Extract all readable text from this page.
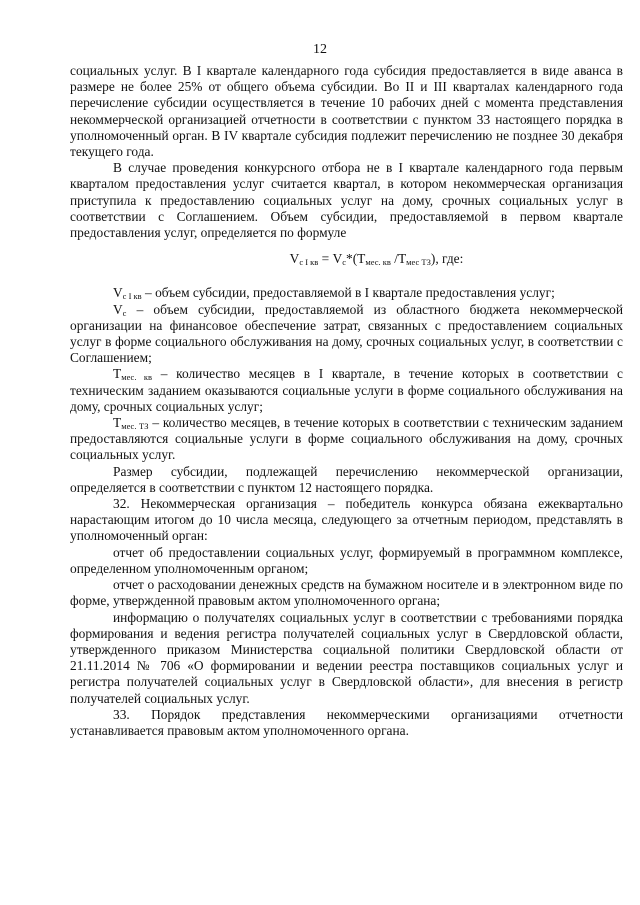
12

социальных услуг. В I квартале календарного года субсидия предоставляется в виде аванса в размере не более 25% от общего объема субсидии. Во II и III кварталах календарного года перечисление субсидии осуществляется в течение 10 рабочих дней с момента представления некоммерческой организацией отчетности в соответствии с пунктом 33 настоящего порядка в уполномоченный орган. В IV квартале субсидия подлежит перечислению не позднее 30 декабря текущего года.

В случае проведения конкурсного отбора не в I квартале календарного года первым кварталом предоставления услуг считается квартал, в котором некоммерческая организация приступила к предоставлению социальных услуг на дому, срочных социальных услуг в соответствии с Соглашением. Объем субсидии, предоставляемой в первом квартале предоставления услуг, определяется по формуле

$V_{с I кв} = V_с*(T_{мес. кв}$ $/T_{мес ТЗ}$), где:

$V_{с I кв}$ – объем субсидии, предоставляемой в I квартале предоставления услуг;

$V_с$ – объем субсидии, предоставляемой из областного бюджета некоммерческой организации на финансовое обеспечение затрат, связанных с предоставлением социальных услуг в форме социального обслуживания на дому, срочных социальных услуг, в соответствии с Соглашением;

$T_{мес. кв}$ – количество месяцев в I квартале, в течение которых в соответствии с техническим заданием оказываются социальные услуги в форме социального обслуживания на дому, срочных социальных услуг;

$T_{мес. ТЗ}$ – количество месяцев, в течение которых в соответствии с техническим заданием предоставляются социальные услуги в форме социального обслуживания на дому, срочных социальных услуг.

Размер субсидии, подлежащей перечислению некоммерческой организации, определяется в соответствии с пунктом 12 настоящего порядка.

32. Некоммерческая организация – победитель конкурса обязана ежеквартально нарастающим итогом до 10 числа месяца, следующего за отчетным периодом, представлять в уполномоченный орган:

отчет об предоставлении социальных услуг, формируемый в программном комплексе, определенном уполномоченным органом;

отчет о расходовании денежных средств на бумажном носителе и в электронном виде по форме, утвержденной правовым актом уполномоченного органа;

информацию о получателях социальных услуг в соответствии с требованиями порядка формирования и ведения регистра получателей социальных услуг в Свердловской области, утвержденного приказом Министерства социальной политики Свердловской области от 21.11.2014 № 706 «О формировании и ведении реестра поставщиков социальных услуг и регистра получателей социальных услуг в Свердловской области», для внесения в регистр получателей социальных услуг.

33. Порядок представления некоммерческими организациями отчетности устанавливается правовым актом уполномоченного органа.
